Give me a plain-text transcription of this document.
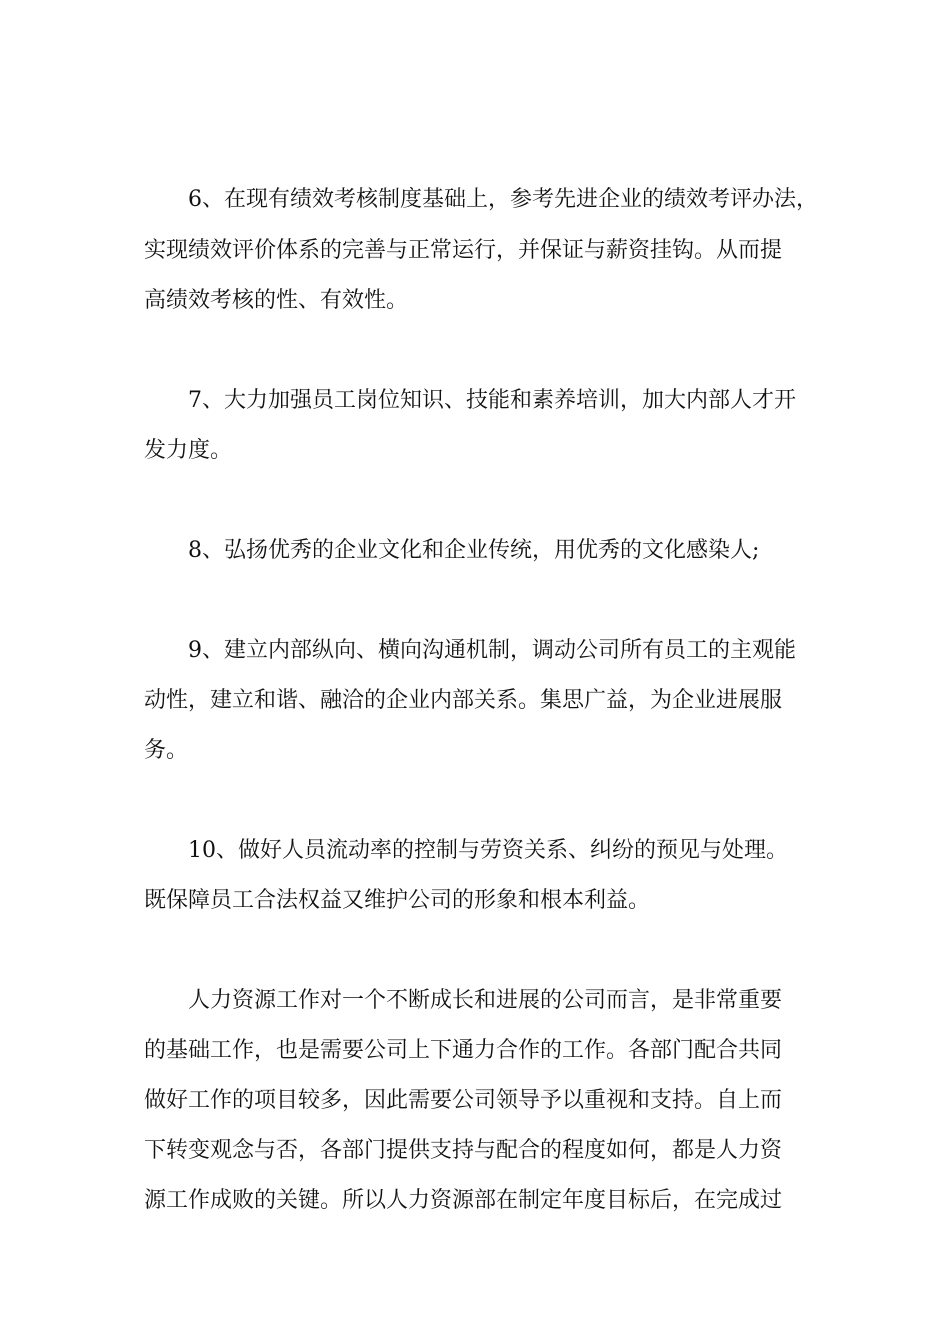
6、在现有绩效考核制度基础上，参考先进企业的绩效考评办法，

实现绩效评价体系的完善与正常运行，并保证与薪资挂钩。从而提

高绩效考核的性、有效性。

7、大力加强员工岗位知识、技能和素养培训，加大内部人才开

发力度。

8、弘扬优秀的企业文化和企业传统，用优秀的文化感染人;

9、建立内部纵向、横向沟通机制，调动公司所有员工的主观能

动性，建立和谐、融洽的企业内部关系。集思广益，为企业进展服

务。

10、做好人员流动率的控制与劳资关系、纠纷的预见与处理。

既保障员工合法权益又维护公司的形象和根本利益。

人力资源工作对一个不断成长和进展的公司而言，是非常重要

的基础工作，也是需要公司上下通力合作的工作。各部门配合共同

做好工作的项目较多，因此需要公司领导予以重视和支持。自上而

下转变观念与否，各部门提供支持与配合的程度如何，都是人力资

源工作成败的关键。所以人力资源部在制定年度目标后，在完成过
